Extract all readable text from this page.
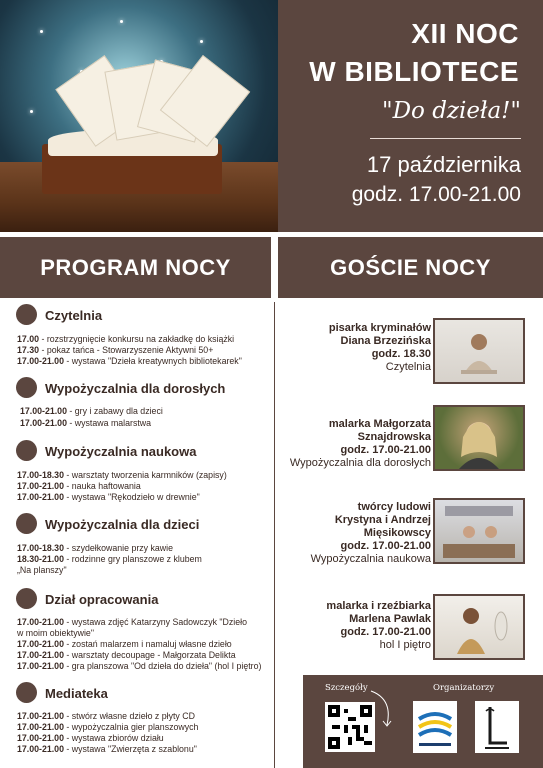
XII NOC
W BIBLIOTECE
"Do dzieła!"
17 października
godz. 17.00-21.00
PROGRAM NOCY	GOŚCIE NOCY
Czytelnia
17.00 - rozstrzygnięcie konkursu na zakładkę do książki
17.30 - pokaz tańca - Stowarzyszenie Aktywni 50+
17.00-21.00 - wystawa "Dzieła kreatywnych bibliotekarek"
Wypożyczalnia dla dorosłych
17.00-21.00 - gry i zabawy dla dzieci
17.00-21.00 - wystawa malarstwa
Wypożyczalnia naukowa
17.00-18.30 - warsztaty tworzenia karmników (zapisy)
17.00-21.00 - nauka haftowania
17.00-21.00 - wystawa "Rękodzieło w drewnie"
Wypożyczalnia dla dzieci
17.00-18.30 - szydełkowanie przy kawie
18.30-21.00 - rodzinne gry planszowe z klubem
„Na planszy"
Dział opracowania
17.00-21.00 - wystawa zdjęć Katarzyny Sadowczyk "Dzieło
w moim obiektywie"
17.00-21.00 - zostań malarzem i namaluj własne dzieło
17.00-21.00 - warsztaty decoupage - Małgorzata Delikta
17.00-21.00 - gra planszowa "Od dzieła do dzieła" (hol I piętro)
Mediateka
17.00-21.00 - stwórz własne dzieło z płyty CD
17.00-21.00 - wypożyczalnia gier planszowych
17.00-21.00 - wystawa zbiorów działu
17.00-21.00 - wystawa "Zwierzęta z szablonu"
pisarka kryminałów
Diana Brzezińska
godz. 18.30
Czytelnia
malarka Małgorzata
Sznajdrowska
godz. 17.00-21.00
Wypożyczalnia dla dorosłych
twórcy ludowi
Krystyna i Andrzej
Mięsikowscy
godz. 17.00-21.00
Wypożyczalnia naukowa
malarka i rzeźbiarka
Marlena Pawlak
godz. 17.00-21.00
hol I piętro
Szczegóły	Organizatorzy
